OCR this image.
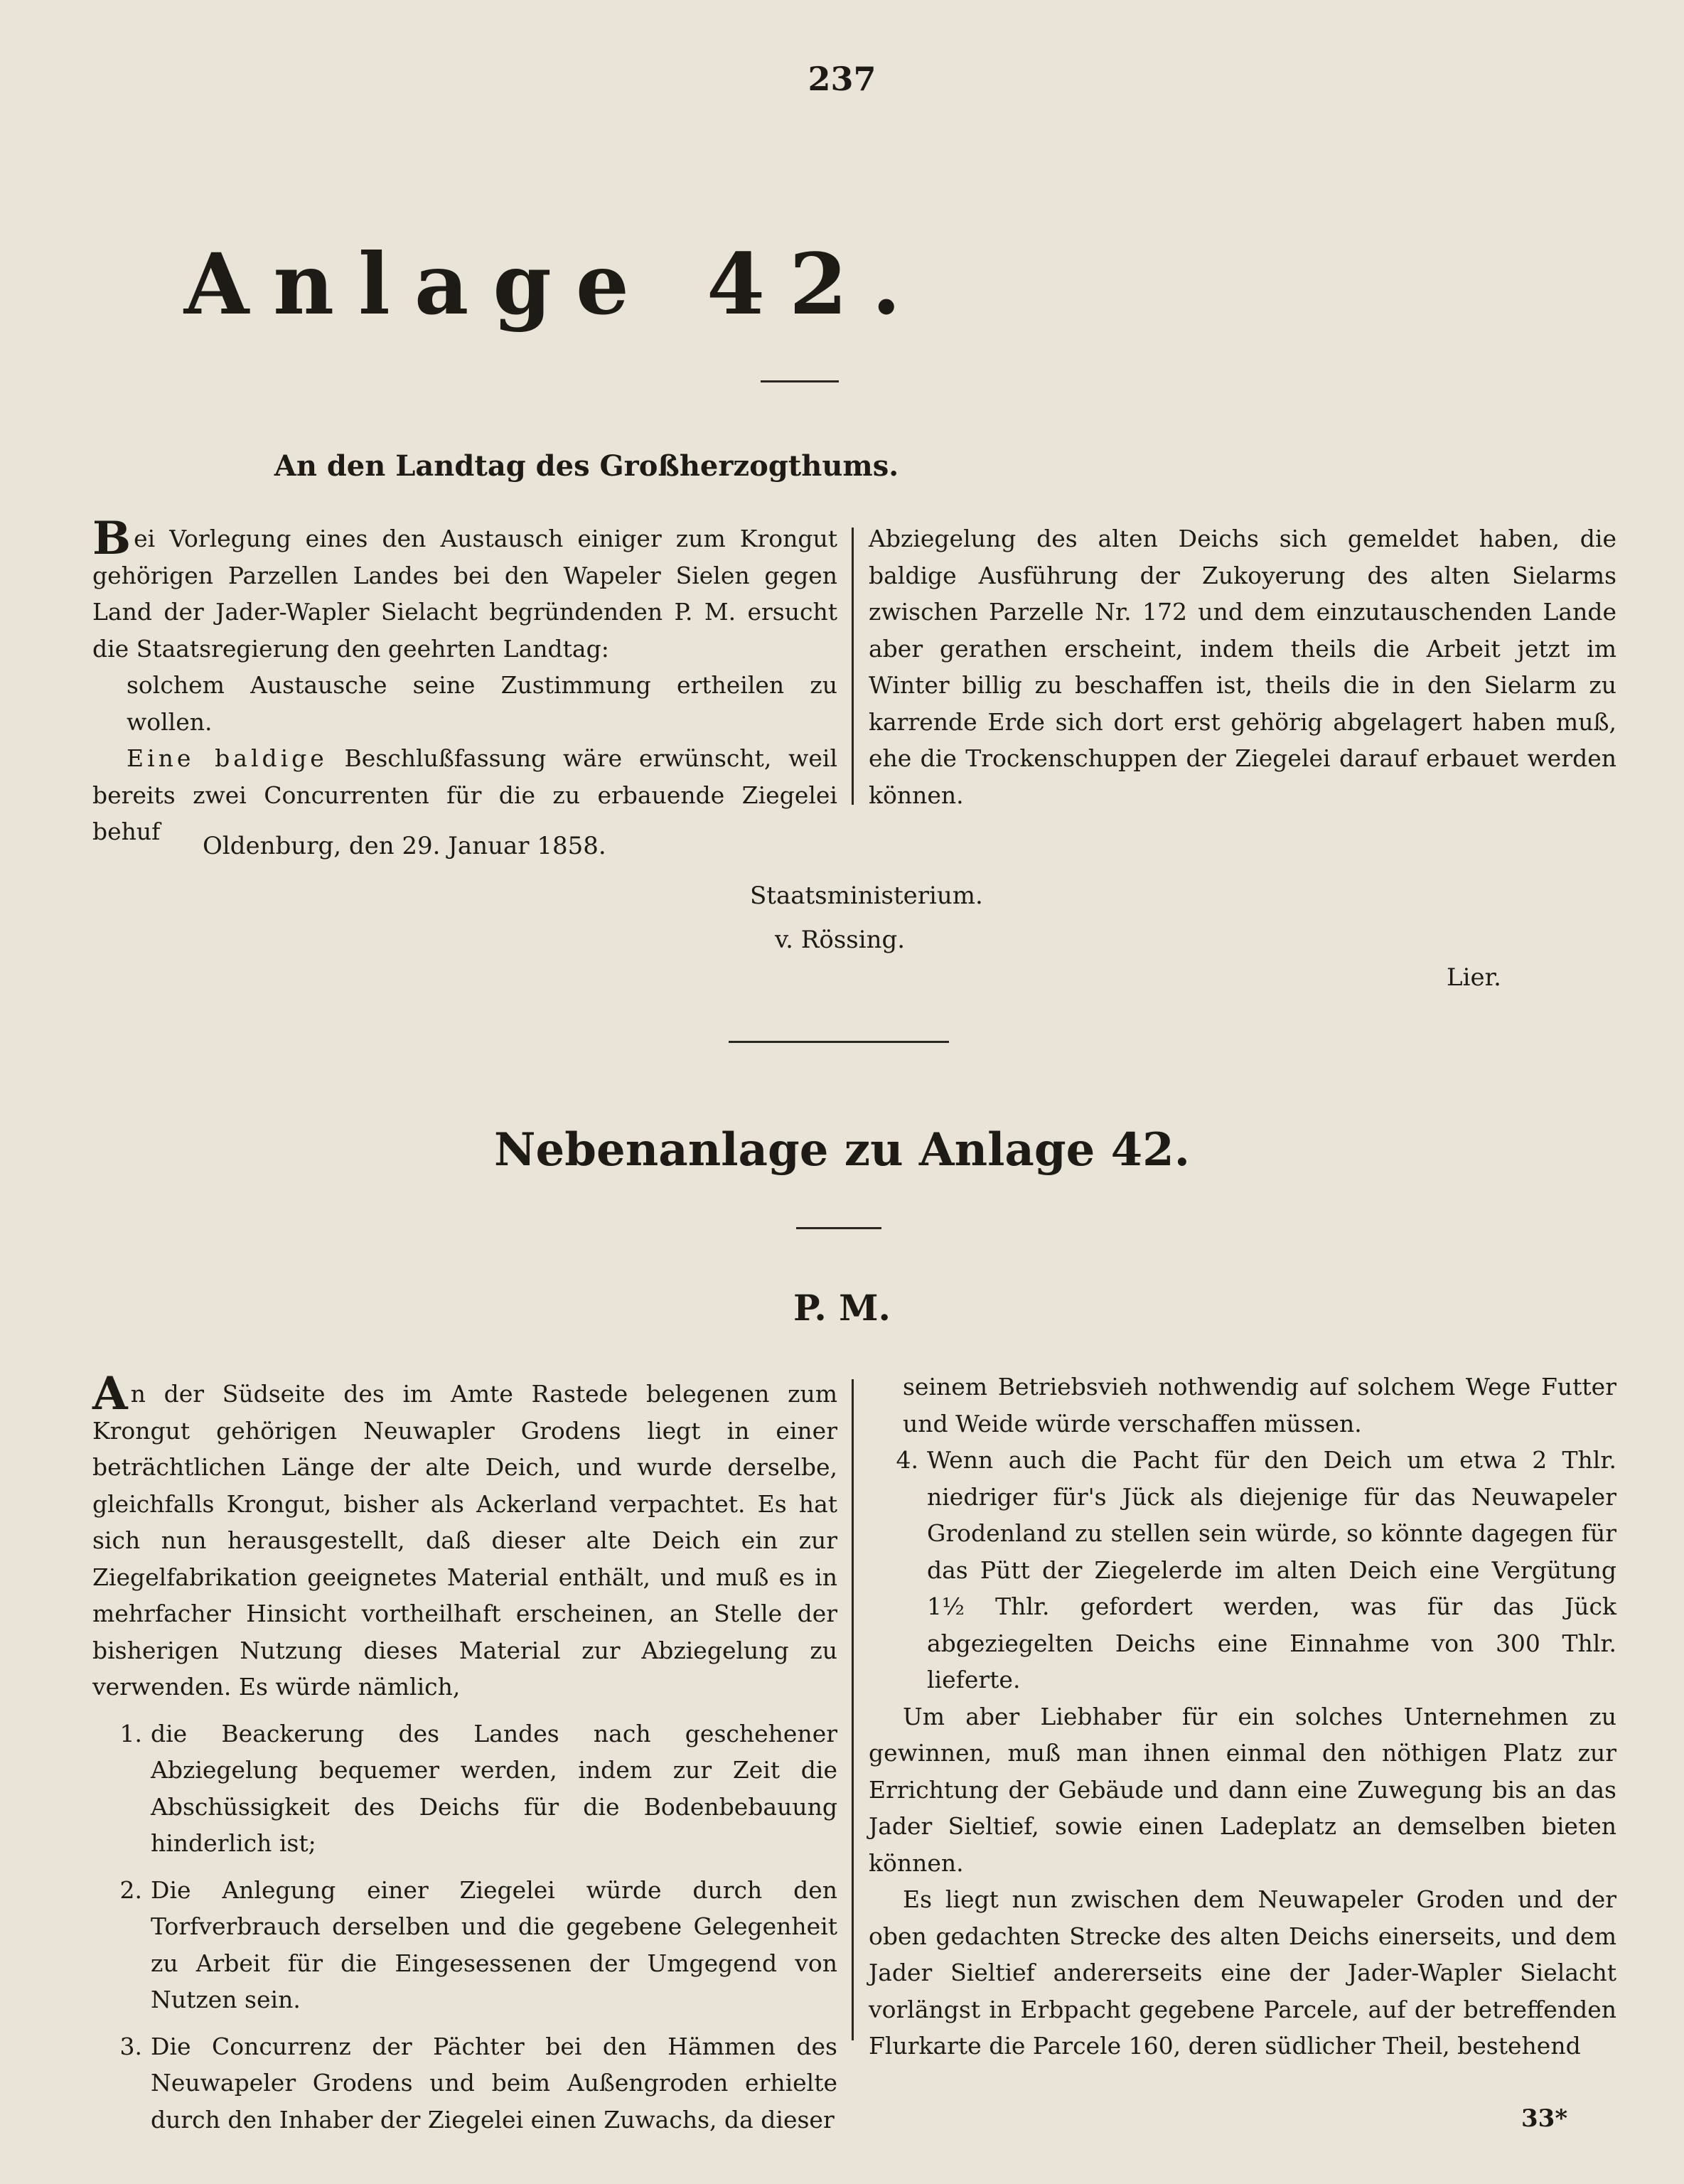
237
Anlage 42.
An den Landtag des Großherzogthums.

Bei Vorlegung eines den Austausch einiger zum Krongut gehörigen Parzellen Landes bei den Wapeler Sielen gegen Land der Jader-Wapler Sielacht begründenden P. M. ersucht die Staatsregierung den geehrten Landtag:

solchem Austausche seine Zustimmung ertheilen zu wollen.

Eine baldige Beschlußfassung wäre erwünscht, weil bereits zwei Concurrenten für die zu erbauende Ziegelei behuf

Abziegelung des alten Deichs sich gemeldet haben, die baldige Ausführung der Zukoyerung des alten Sielarms zwischen Parzelle Nr. 172 und dem einzutauschenden Lande aber gerathen erscheint, indem theils die Arbeit jetzt im Winter billig zu beschaffen ist, theils die in den Sielarm zu karrende Erde sich dort erst gehörig abgelagert haben muß, ehe die Trockenschuppen der Ziegelei darauf erbauet werden können.

Oldenburg, den 29. Januar 1858.
Staatsministerium.
v. Rössing.
Lier.
Nebenanlage zu Anlage 42.
P. M.

An der Südseite des im Amte Rastede belegenen zum Krongut gehörigen Neuwapler Grodens liegt in einer beträchtlichen Länge der alte Deich, und wurde derselbe, gleichfalls Krongut, bisher als Ackerland verpachtet. Es hat sich nun herausgestellt, daß dieser alte Deich ein zur Ziegelfabrikation geeignetes Material enthält, und muß es in mehrfacher Hinsicht vortheilhaft erscheinen, an Stelle der bisherigen Nutzung dieses Material zur Abziegelung zu verwenden. Es würde nämlich,

1. die Beackerung des Landes nach geschehener Abziegelung bequemer werden, indem zur Zeit die Abschüssigkeit des Deichs für die Bodenbebauung hinderlich ist;
2. Die Anlegung einer Ziegelei würde durch den Torfverbrauch derselben und die gegebene Gelegenheit zu Arbeit für die Eingesessenen der Umgegend von Nutzen sein.
3. Die Concurrenz der Pächter bei den Hämmen des Neuwapeler Grodens und beim Außengroden erhielte durch den Inhaber der Ziegelei einen Zuwachs, da dieser

seinem Betriebsvieh nothwendig auf solchem Wege Futter und Weide würde verschaffen müssen.

4. Wenn auch die Pacht für den Deich um etwa 2 Thlr. niedriger für's Jück als diejenige für das Neuwapeler Grodenland zu stellen sein würde, so könnte dagegen für das Pütt der Ziegelerde im alten Deich eine Vergütung 1½ Thlr. gefordert werden, was für das Jück abgeziegelten Deichs eine Einnahme von 300 Thlr. lieferte.

Um aber Liebhaber für ein solches Unternehmen zu gewinnen, muß man ihnen einmal den nöthigen Platz zur Errichtung der Gebäude und dann eine Zuwegung bis an das Jader Sieltief, sowie einen Ladeplatz an demselben bieten können.

Es liegt nun zwischen dem Neuwapeler Groden und der oben gedachten Strecke des alten Deichs einerseits, und dem Jader Sieltief andererseits eine der Jader-Wapler Sielacht vorlängst in Erbpacht gegebene Parcele, auf der betreffenden Flurkarte die Parcele 160, deren südlicher Theil, bestehend

33*
